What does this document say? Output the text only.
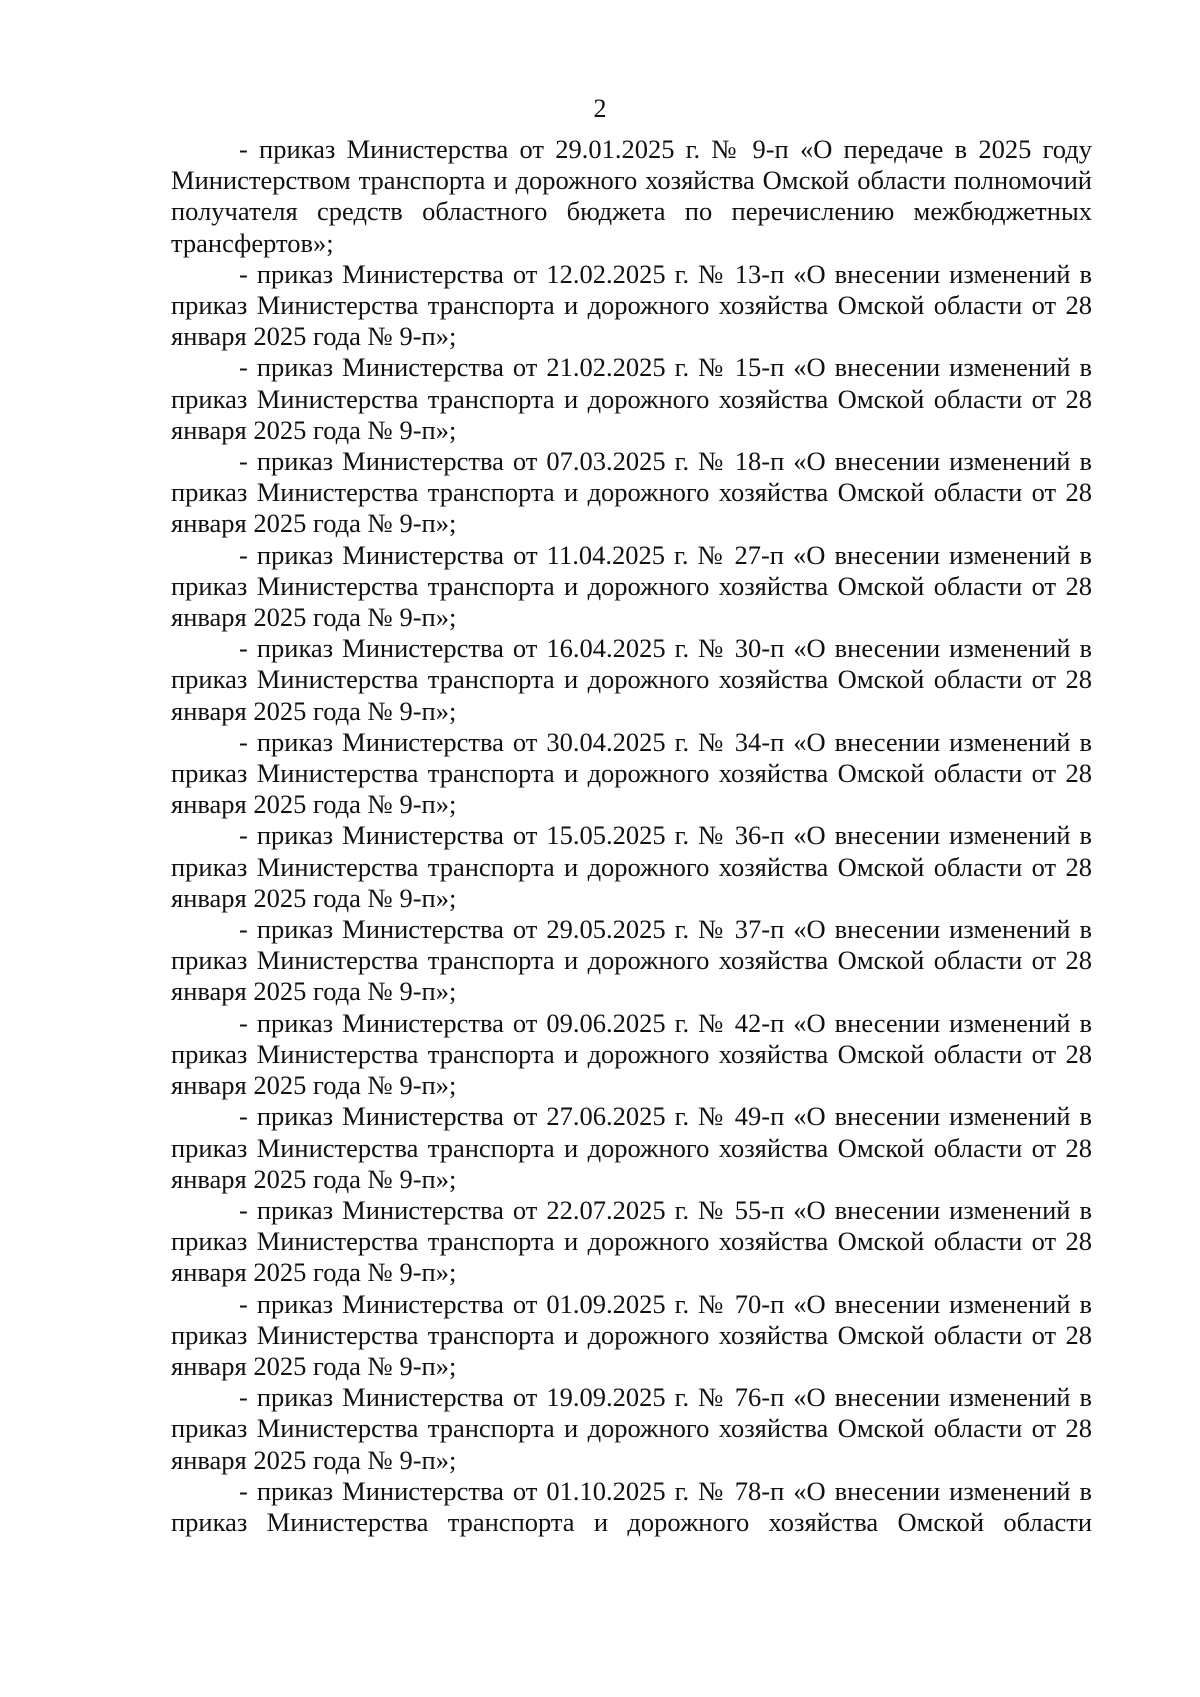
2

- приказ Министерства от 29.01.2025 г. № 9-п «О передаче в 2025 году Министерством транспорта и дорожного хозяйства Омской области полномочий получателя средств областного бюджета по перечислению межбюджетных трансфертов»;

- приказ Министерства от 12.02.2025 г. № 13-п «О внесении изменений в приказ Министерства транспорта и дорожного хозяйства Омской области от 28 января 2025 года № 9-п»;

- приказ Министерства от 21.02.2025 г. № 15-п «О внесении изменений в приказ Министерства транспорта и дорожного хозяйства Омской области от 28 января 2025 года № 9-п»;

- приказ Министерства от 07.03.2025 г. № 18-п «О внесении изменений в приказ Министерства транспорта и дорожного хозяйства Омской области от 28 января 2025 года № 9-п»;

- приказ Министерства от 11.04.2025 г. № 27-п «О внесении изменений в приказ Министерства транспорта и дорожного хозяйства Омской области от 28 января 2025 года № 9-п»;

- приказ Министерства от 16.04.2025 г. № 30-п «О внесении изменений в приказ Министерства транспорта и дорожного хозяйства Омской области от 28 января 2025 года № 9-п»;

- приказ Министерства от 30.04.2025 г. № 34-п «О внесении изменений в приказ Министерства транспорта и дорожного хозяйства Омской области от 28 января 2025 года № 9-п»;

- приказ Министерства от 15.05.2025 г. № 36-п «О внесении изменений в приказ Министерства транспорта и дорожного хозяйства Омской области от 28 января 2025 года № 9-п»;

- приказ Министерства от 29.05.2025 г. № 37-п «О внесении изменений в приказ Министерства транспорта и дорожного хозяйства Омской области от 28 января 2025 года № 9-п»;

- приказ Министерства от 09.06.2025 г. № 42-п «О внесении изменений в приказ Министерства транспорта и дорожного хозяйства Омской области от 28 января 2025 года № 9-п»;

- приказ Министерства от 27.06.2025 г. № 49-п «О внесении изменений в приказ Министерства транспорта и дорожного хозяйства Омской области от 28 января 2025 года № 9-п»;

- приказ Министерства от 22.07.2025 г. № 55-п «О внесении изменений в приказ Министерства транспорта и дорожного хозяйства Омской области от 28 января 2025 года № 9-п»;

- приказ Министерства от 01.09.2025 г. № 70-п «О внесении изменений в приказ Министерства транспорта и дорожного хозяйства Омской области от 28 января 2025 года № 9-п»;

- приказ Министерства от 19.09.2025 г. № 76-п «О внесении изменений в приказ Министерства транспорта и дорожного хозяйства Омской области от 28 января 2025 года № 9-п»;

- приказ Министерства от 01.10.2025 г. № 78-п «О внесении изменений в приказ Министерства транспорта и дорожного хозяйства Омской области
